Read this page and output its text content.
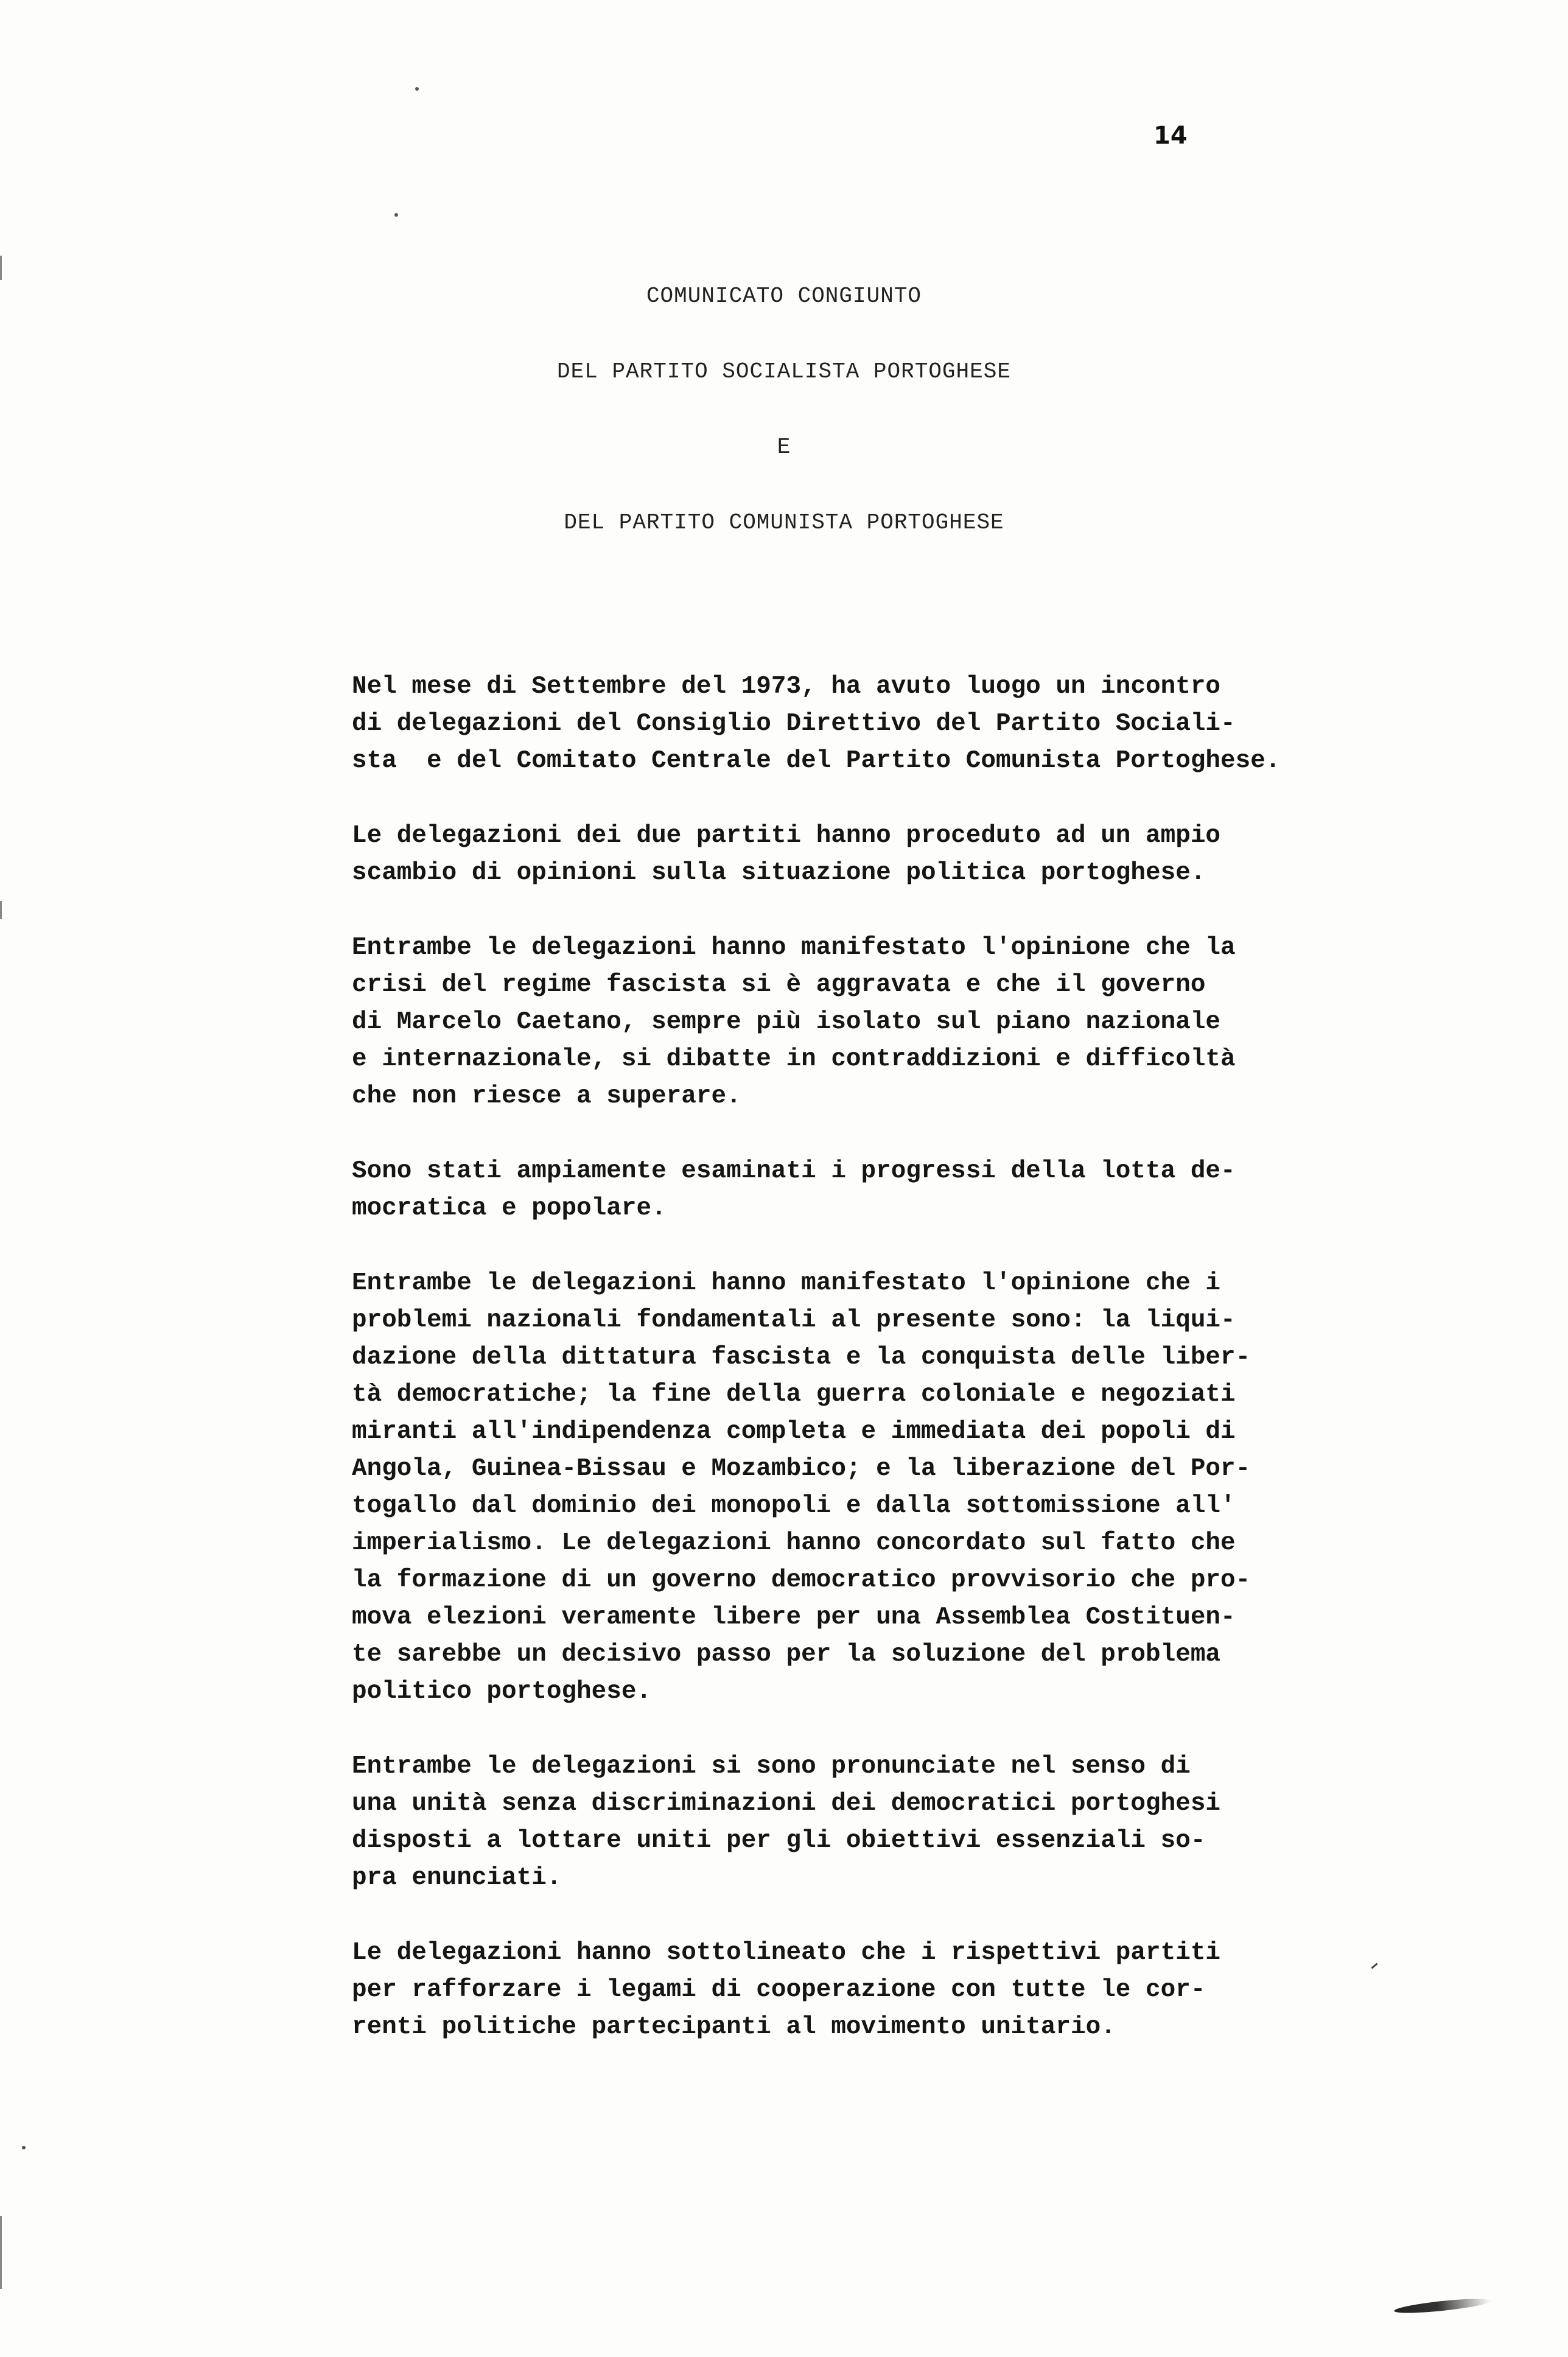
14
COMUNICATO CONGIUNTO
DEL PARTITO SOCIALISTA PORTOGHESE
E
DEL PARTITO COMUNISTA PORTOGHESE

Nel mese di Settembre del 1973, ha avuto luogo un incontro
di delegazioni del Consiglio Direttivo del Partito Sociali-
sta  e del Comitato Centrale del Partito Comunista Portoghese.

Le delegazioni dei due partiti hanno proceduto ad un ampio
scambio di opinioni sulla situazione politica portoghese.

Entrambe le delegazioni hanno manifestato l'opinione che la
crisi del regime fascista si è aggravata e che il governo
di Marcelo Caetano, sempre più isolato sul piano nazionale
e internazionale, si dibatte in contraddizioni e difficoltà
che non riesce a superare.

Sono stati ampiamente esaminati i progressi della lotta de-
mocratica e popolare.

Entrambe le delegazioni hanno manifestato l'opinione che i
problemi nazionali fondamentali al presente sono: la liqui-
dazione della dittatura fascista e la conquista delle liber-
tà democratiche; la fine della guerra coloniale e negoziati
miranti all'indipendenza completa e immediata dei popoli di
Angola, Guinea-Bissau e Mozambico; e la liberazione del Por-
togallo dal dominio dei monopoli e dalla sottomissione all'
imperialismo. Le delegazioni hanno concordato sul fatto che
la formazione di un governo democratico provvisorio che pro-
mova elezioni veramente libere per una Assemblea Costituen-
te sarebbe un decisivo passo per la soluzione del problema
politico portoghese.

Entrambe le delegazioni si sono pronunciate nel senso di
una unità senza discriminazioni dei democratici portoghesi
disposti a lottare uniti per gli obiettivi essenziali so-
pra enunciati.

Le delegazioni hanno sottolineato che i rispettivi partiti
per rafforzare i legami di cooperazione con tutte le cor-
renti politiche partecipanti al movimento unitario.
